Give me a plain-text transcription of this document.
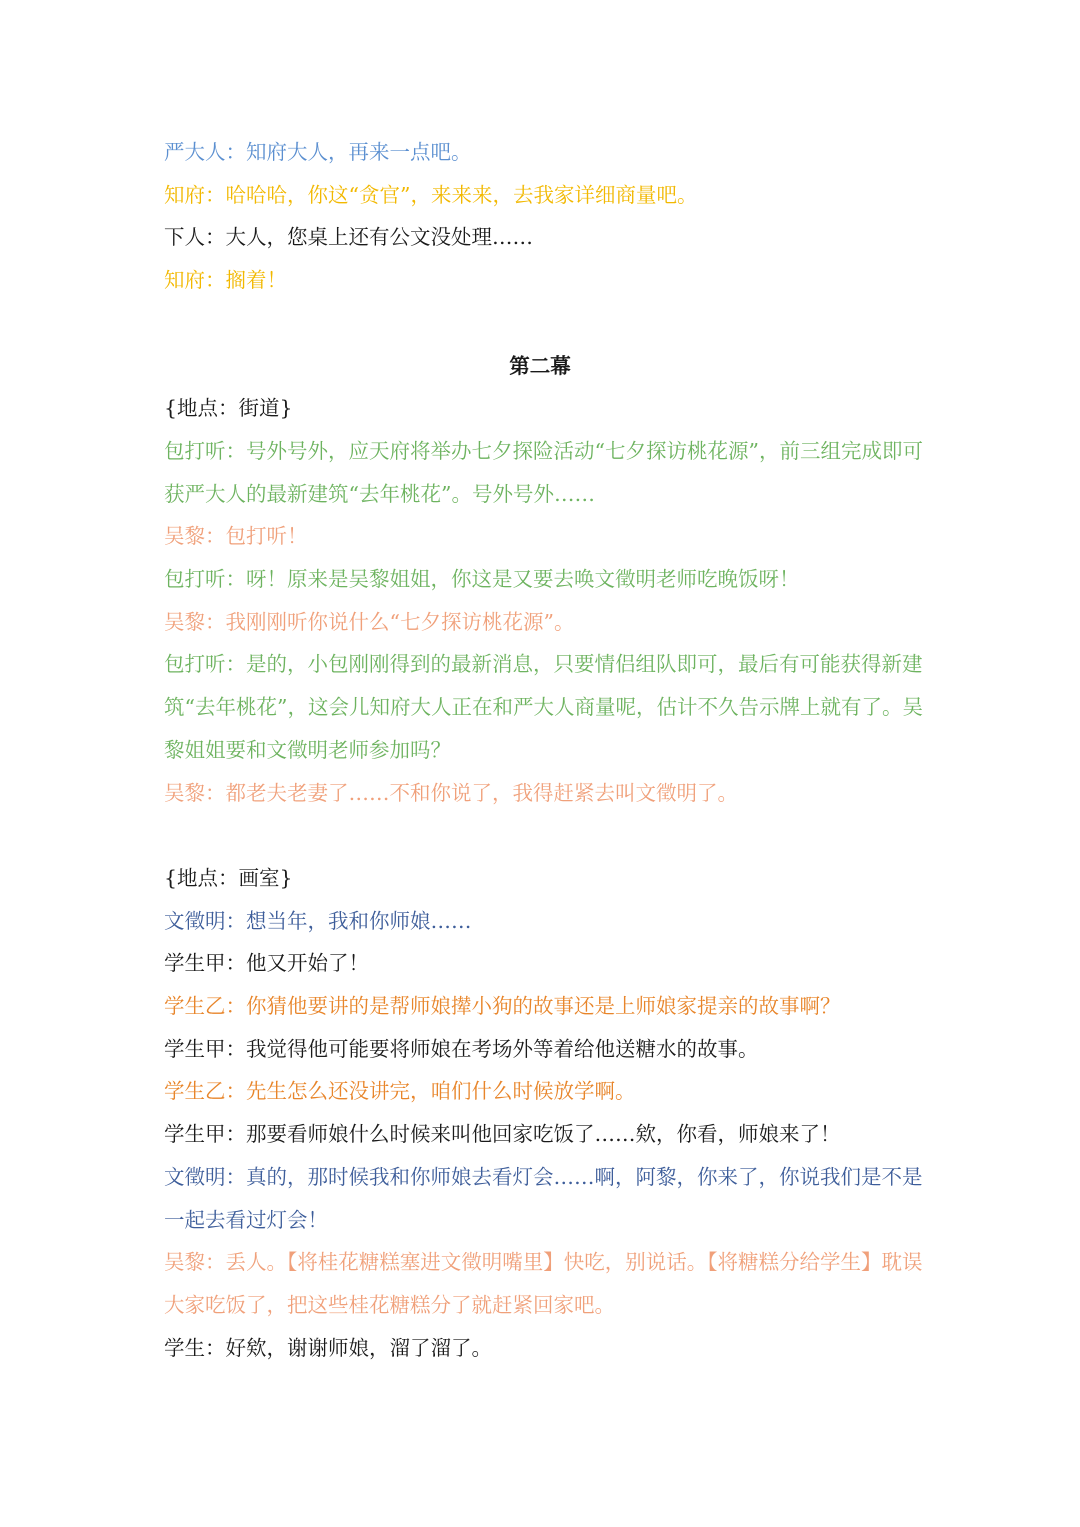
严大人：知府大人，再来一点吧。
知府：哈哈哈，你这“贪官”，来来来，去我家详细商量吧。
下人：大人，您桌上还有公文没处理……
知府：搁着！
第二幕
{地点：街道}
包打听：号外号外，应天府将举办七夕探险活动“七夕探访桃花源”，前三组完成即可获严大人的最新建筑“去年桃花”。号外号外……
吴黎：包打听！
包打听：呀！原来是吴黎姐姐，你这是又要去唤文徵明老师吃晚饭呀！
吴黎：我刚刚听你说什么“七夕探访桃花源”。
包打听：是的，小包刚刚得到的最新消息，只要情侣组队即可，最后有可能获得新建筑“去年桃花”，这会儿知府大人正在和严大人商量呢，估计不久告示牌上就有了。吴黎姐姐要和文徵明老师参加吗？
吴黎：都老夫老妻了……不和你说了，我得赶紧去叫文徵明了。
{地点：画室}
文徵明：想当年，我和你师娘……
学生甲：他又开始了！
学生乙：你猜他要讲的是帮师娘撵小狗的故事还是上师娘家提亲的故事啊？
学生甲：我觉得他可能要将师娘在考场外等着给他送糖水的故事。
学生乙：先生怎么还没讲完，咱们什么时候放学啊。
学生甲：那要看师娘什么时候来叫他回家吃饭了……欸，你看，师娘来了！
文徵明：真的，那时候我和你师娘去看灯会……啊，阿黎，你来了，你说我们是不是一起去看过灯会！
吴黎：丢人。【将桂花糖糕塞进文徵明嘴里】快吃，别说话。【将糖糕分给学生】耽误大家吃饭了，把这些桂花糖糕分了就赶紧回家吧。
学生：好欸，谢谢师娘，溜了溜了。
